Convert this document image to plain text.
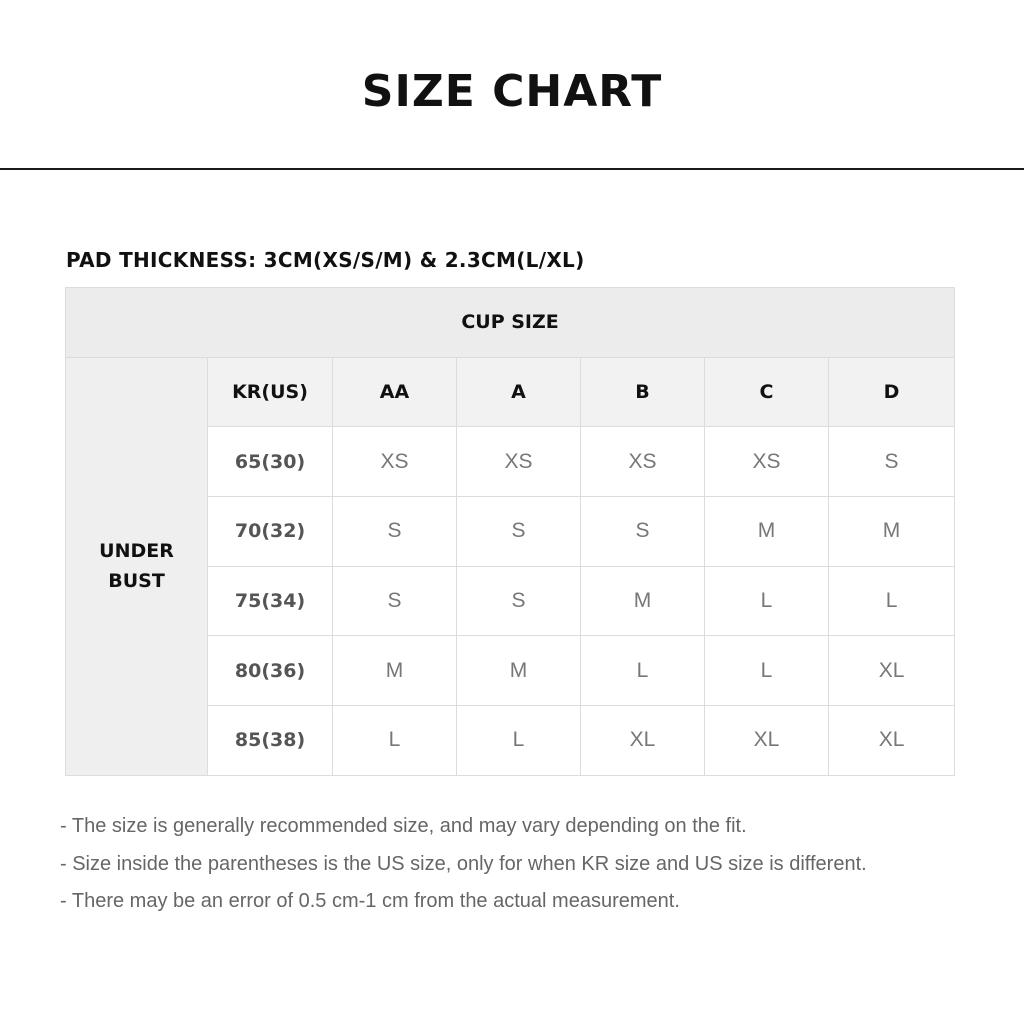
SIZE CHART
PAD THICKNESS: 3CM(XS/S/M) & 2.3CM(L/XL)
CUP SIZE						

UNDER
BUST	KR(US)	AA	A	B	C	D
	65(30)	XS	XS	XS	XS	S
	70(32)	S	S	S	M	M
	75(34)	S	S	M	L	L
	80(36)	M	M	L	L	XL
	85(38)	L	L	XL	XL	XL
- The size is generally recommended size, and may vary depending on the fit.
- Size inside the parentheses is the US size, only for when KR size and US size is different.
- There may be an error of 0.5 cm-1 cm from the actual measurement.
